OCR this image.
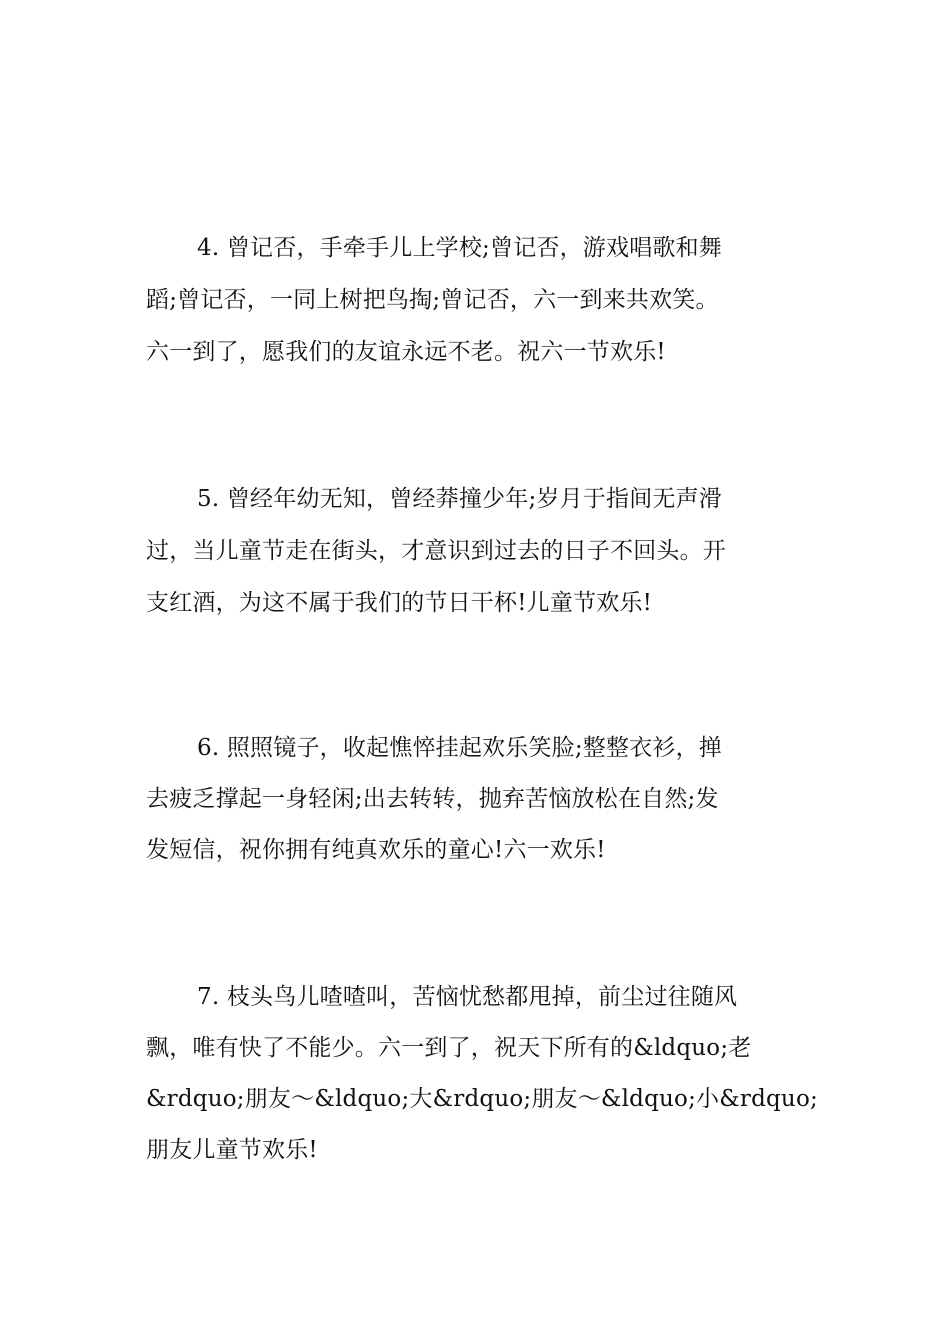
4. 曾记否，手牵手儿上学校;曾记否，游戏唱歌和舞
蹈;曾记否，一同上树把鸟掏;曾记否，六一到来共欢笑。
六一到了，愿我们的友谊永远不老。祝六一节欢乐!
5. 曾经年幼无知，曾经莽撞少年;岁月于指间无声滑
过，当儿童节走在街头，才意识到过去的日子不回头。开
支红酒，为这不属于我们的节日干杯!儿童节欢乐!
6. 照照镜子，收起憔悴挂起欢乐笑脸;整整衣衫，掸
去疲乏撑起一身轻闲;出去转转，抛弃苦恼放松在自然;发
发短信，祝你拥有纯真欢乐的童心!六一欢乐!
7. 枝头鸟儿喳喳叫，苦恼忧愁都甩掉，前尘过往随风
飘，唯有快了不能少。六一到了，祝天下所有的&ldquo;老
&rdquo;朋友～&ldquo;大&rdquo;朋友～&ldquo;小&rdquo;
朋友儿童节欢乐!
